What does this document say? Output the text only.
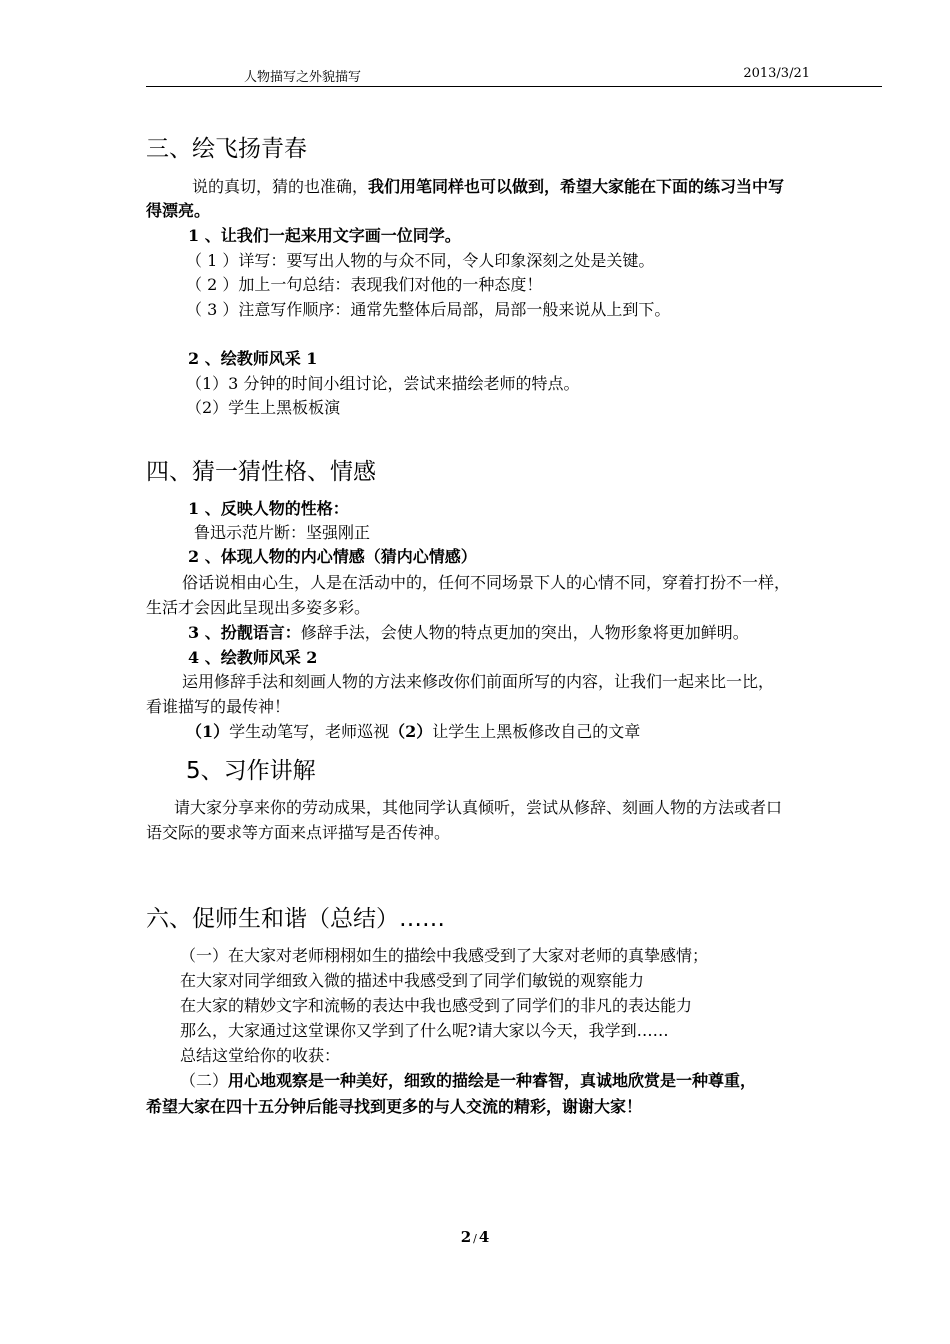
人物描写之外貌描写	2013/3/21
三、绘飞扬青春
说的真切，猜的也准确，我们用笔同样也可以做到，希望大家能在下面的练习当中写
得漂亮。
1 、让我们一起来用文字画一位同学。
（ 1 ）详写：要写出人物的与众不同，令人印象深刻之处是关键。
（ 2 ）加上一句总结：表现我们对他的一种态度！
（ 3 ）注意写作顺序：通常先整体后局部，局部一般来说从上到下。
2 、绘教师风采 1
（1）3 分钟的时间小组讨论，尝试来描绘老师的特点。
（2）学生上黑板板演
四、猜一猜性格、情感
1 、反映人物的性格：
鲁迅示范片断：坚强刚正
2 、体现人物的内心情感（猜内心情感）
俗话说相由心生，人是在活动中的，任何不同场景下人的心情不同，穿着打扮不一样，
生活才会因此呈现出多姿多彩。
3 、扮靓语言：修辞手法，会使人物的特点更加的突出，人物形象将更加鲜明。
4 、绘教师风采 2
运用修辞手法和刻画人物的方法来修改你们前面所写的内容，让我们一起来比一比，
看谁描写的最传神！
（1）学生动笔写，老师巡视（2）让学生上黑板修改自己的文章
5、习作讲解
请大家分享来你的劳动成果，其他同学认真倾听，尝试从修辞、刻画人物的方法或者口
语交际的要求等方面来点评描写是否传神。
六、促师生和谐（总结）……
（一）在大家对老师栩栩如生的描绘中我感受到了大家对老师的真挚感情；
在大家对同学细致入微的描述中我感受到了同学们敏锐的观察能力
在大家的精妙文字和流畅的表达中我也感受到了同学们的非凡的表达能力
那么，大家通过这堂课你又学到了什么呢?请大家以今天，我学到……
总结这堂给你的收获：
（二）用心地观察是一种美好，细致的描绘是一种睿智，真诚地欣赏是一种尊重，
希望大家在四十五分钟后能寻找到更多的与人交流的精彩，谢谢大家！
2 / 4
